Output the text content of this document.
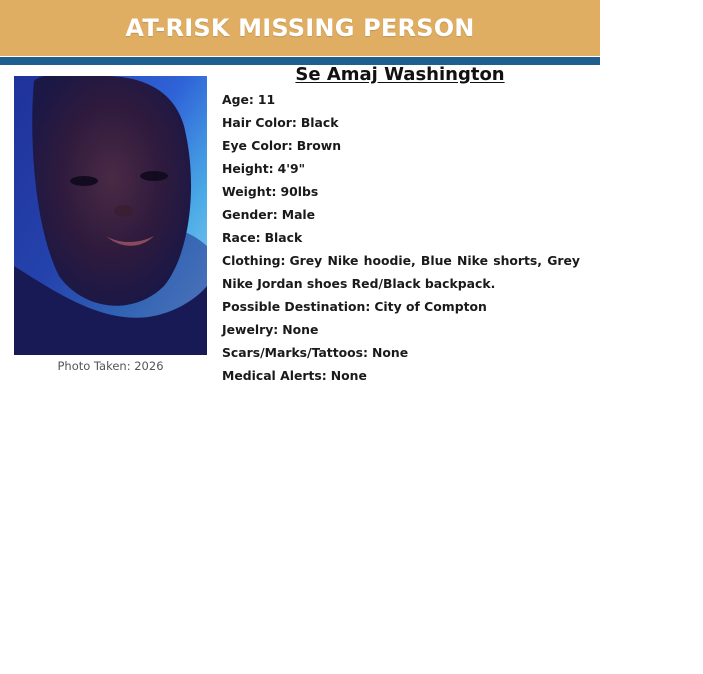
AT-RISK MISSING PERSON
Photo Taken: 2026
Se Amaj Washington
Age: 11
Hair Color: Black
Eye Color: Brown
Height: 4'9"
Weight: 90lbs
Gender: Male
Race: Black
Clothing: Grey Nike hoodie, Blue Nike shorts, Grey Nike Jordan shoes Red/Black backpack.
Possible Destination: City of Compton
Jewelry: None
Scars/Marks/Tattoos: None
Medical Alerts: None
